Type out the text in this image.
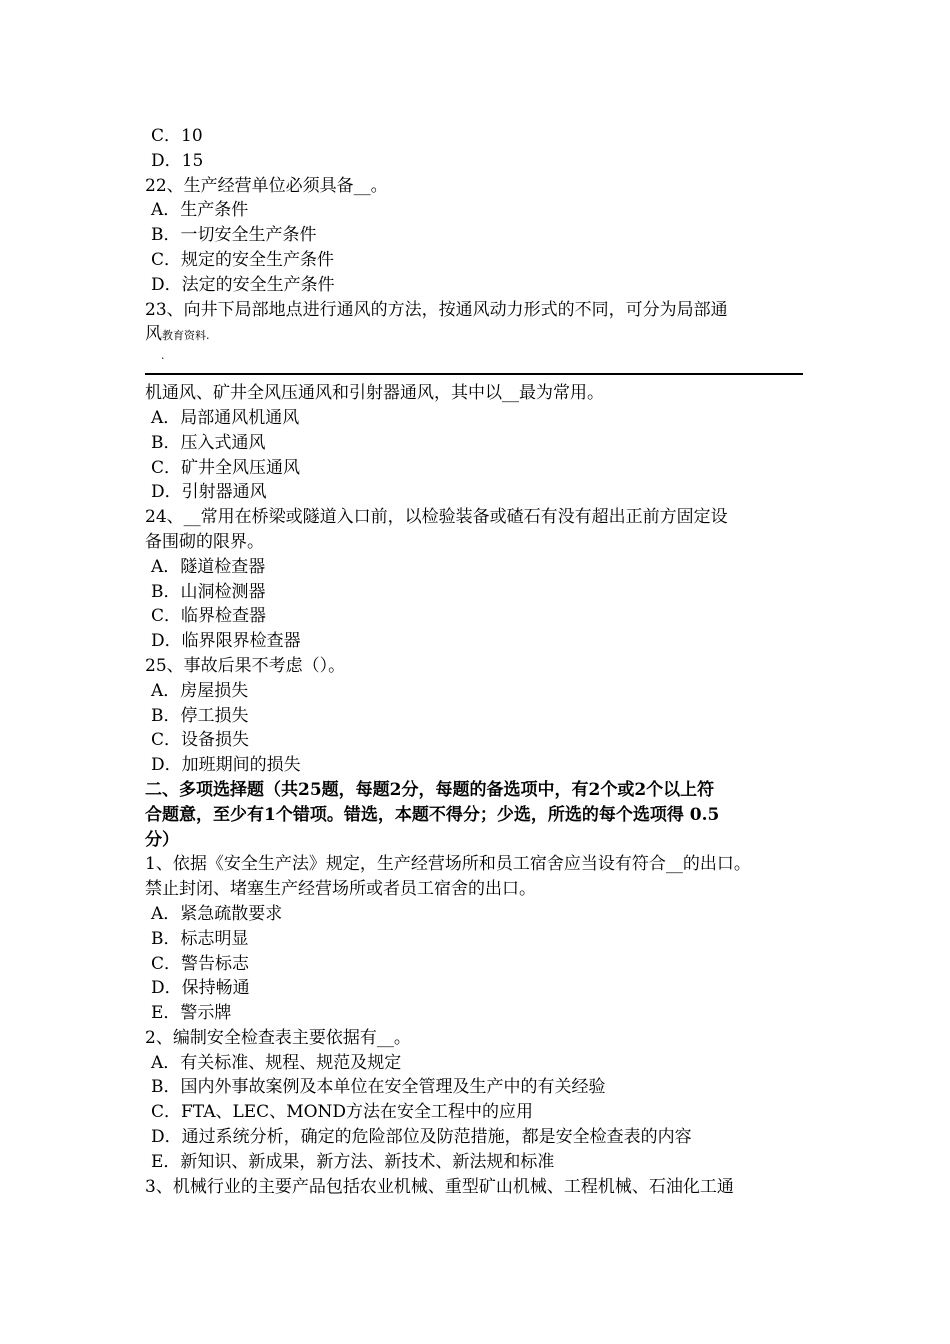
C．10
D．15
22、生产经营单位必须具备__。
A．生产条件
B．一切安全生产条件
C．规定的安全生产条件
D．法定的安全生产条件
23、向井下局部地点进行通风的方法，按通风动力形式的不同，可分为局部通
风教育资料.
.
机通风、矿井全风压通风和引射器通风，其中以__最为常用。
A．局部通风机通风
B．压入式通风
C．矿井全风压通风
D．引射器通风
24、__常用在桥梁或隧道入口前，以检验装备或碴石有没有超出正前方固定设
备围砌的限界。
A．隧道检查器
B．山洞检测器
C．临界检查器
D．临界限界检查器
25、事故后果不考虑（）。
A．房屋损失
B．停工损失
C．设备损失
D．加班期间的损失
二、多项选择题（共25题，每题2分，每题的备选项中，有2个或2个以上符
合题意，至少有1个错项。错选，本题不得分；少选，所选的每个选项得 0.5
分）
1、依据《安全生产法》规定，生产经营场所和员工宿舍应当设有符合__的出口。
禁止封闭、堵塞生产经营场所或者员工宿舍的出口。
A．紧急疏散要求
B．标志明显
C．警告标志
D．保持畅通
E．警示牌
2、编制安全检查表主要依据有__。
A．有关标准、规程、规范及规定
B．国内外事故案例及本单位在安全管理及生产中的有关经验
C．FTA、LEC、MOND方法在安全工程中的应用
D．通过系统分析，确定的危险部位及防范措施，都是安全检查表的内容
E．新知识、新成果，新方法、新技术、新法规和标准
3、机械行业的主要产品包括农业机械、重型矿山机械、工程机械、石油化工通
